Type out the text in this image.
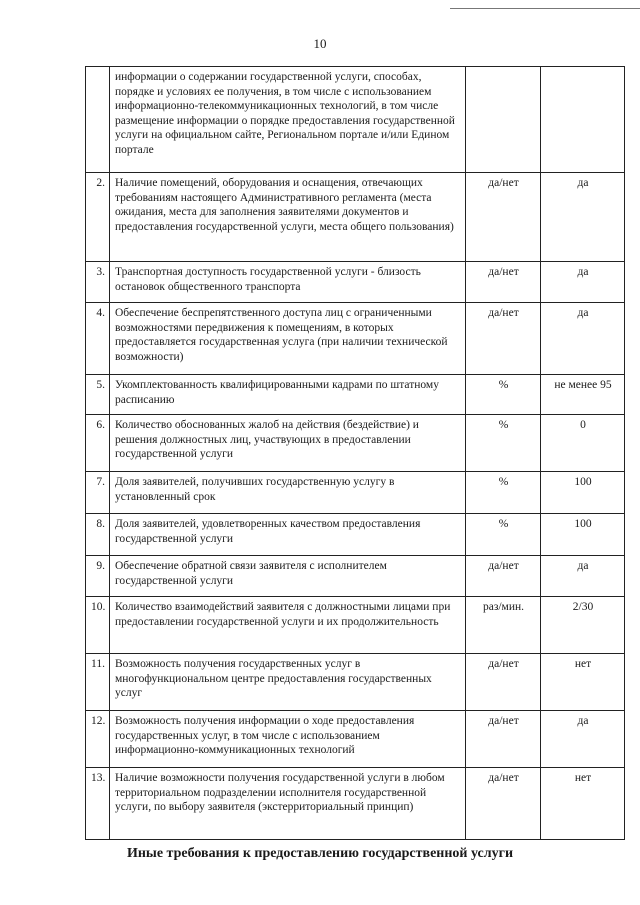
10
	информации о содержании государственной услуги, способах, порядке и условиях ее получения, в том числе с использованием информационно-телекоммуникационных технологий, в том числе размещение информации о порядке предоставления государственной услуги на официальном сайте, Региональном портале и/или Едином портале		
2.	Наличие помещений, оборудования и оснащения, отвечающих требованиям настоящего Административного регламента (места ожидания, места для заполнения заявителями документов и предоставления государственной услуги, места общего пользования)	да/нет	да
3.	Транспортная доступность государственной услуги - близость остановок общественного транспорта	да/нет	да
4.	Обеспечение беспрепятственного доступа лиц с ограниченными возможностями передвижения к помещениям, в которых предоставляется государственная услуга (при наличии технической возможности)	да/нет	да
5.	Укомплектованность квалифицированными кадрами по штатному расписанию	%	не менее 95
6.	Количество обоснованных жалоб на действия (бездействие) и решения должностных лиц, участвующих в предоставлении государственной услуги	%	0
7.	Доля заявителей, получивших государственную услугу в установленный срок	%	100
8.	Доля заявителей, удовлетворенных качеством предоставления государственной услуги	%	100
9.	Обеспечение обратной связи заявителя с исполнителем государственной услуги	да/нет	да
10.	Количество взаимодействий заявителя с должностными лицами при предоставлении государственной услуги и их продолжительность	раз/мин.	2/30
11.	Возможность получения государственных услуг в многофункциональном центре предоставления государственных услуг	да/нет	нет
12.	Возможность получения информации о ходе предоставления государственных услуг, в том числе с использованием информационно-коммуникационных технологий	да/нет	да
13.	Наличие возможности получения государственной услуги в любом территориальном подразделении исполнителя государственной услуги, по выбору заявителя (экстерриториальный принцип)	да/нет	нет
Иные требования к предоставлению государственной услуги
